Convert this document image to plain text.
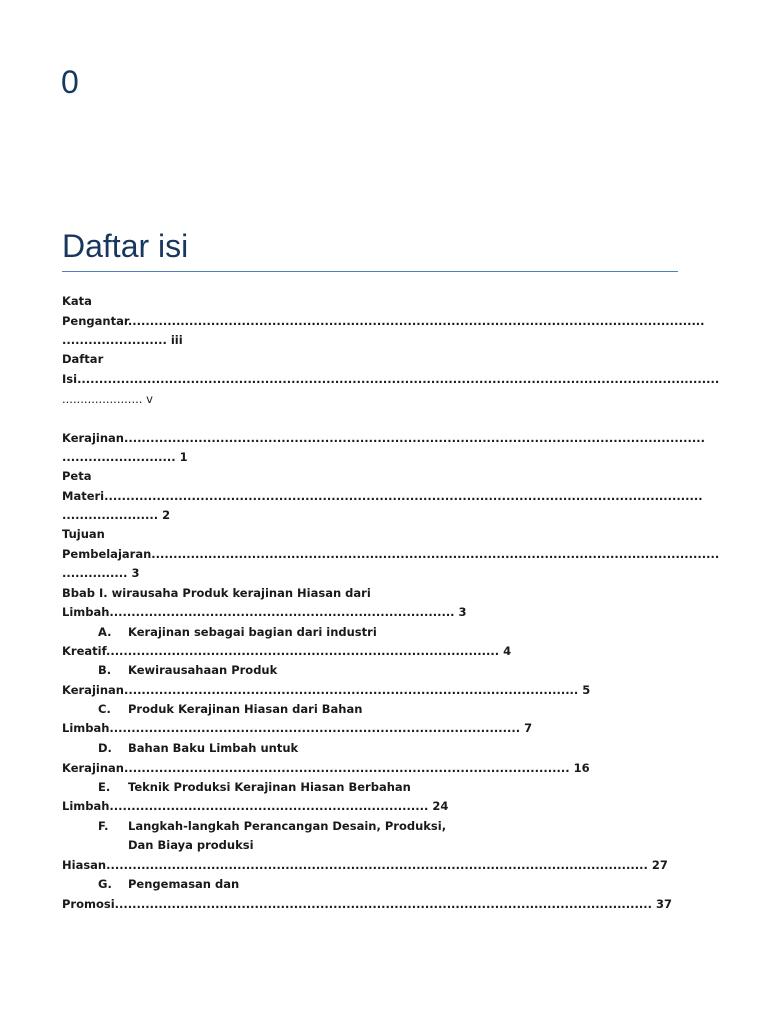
0
Daftar isi
Kata
Pengantar....................................................................................................................................
........................ iii
Daftar
Isi...................................................................................................................................................
...................... v
Kerajinan.....................................................................................................................................
.......................... 1
Peta
Materi.........................................................................................................................................
...................... 2
Tujuan
Pembelajaran..................................................................................................................................
............... 3
Bbab I. wirausaha Produk kerajinan Hiasan dari
Limbah............................................................................... 3
A. Kerajinan sebagai bagian dari industri
Kreatif.......................................................................................... 4
B. Kewirausahaan Produk
Kerajinan........................................................................................................ 5
C. Produk Kerajinan Hiasan dari Bahan
Limbah.............................................................................................. 7
D. Bahan Baku Limbah untuk
Kerajinan...................................................................................................... 16
E. Teknik Produksi Kerajinan Hiasan Berbahan
Limbah......................................................................... 24
F. Langkah-langkah Perancangan Desain, Produksi,
Dan Biaya produksi
Hiasan............................................................................................................................ 27
G. Pengemasan dan
Promosi........................................................................................................................... 37
